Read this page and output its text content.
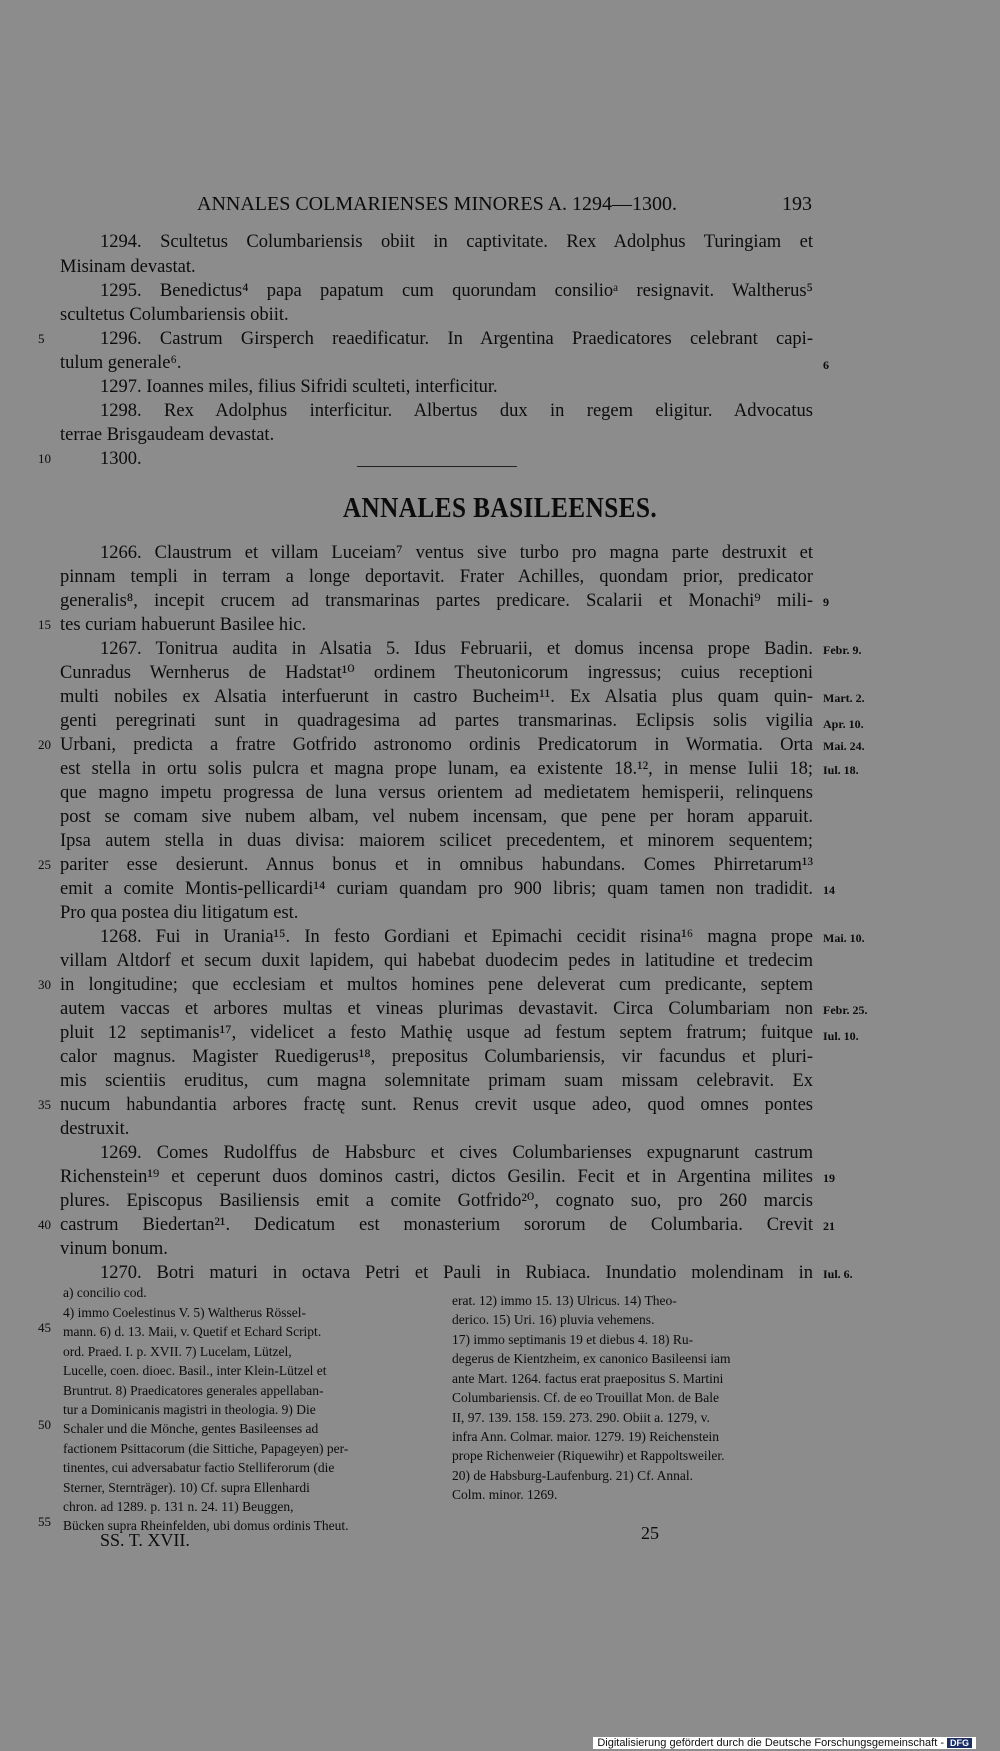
ANNALES COLMARIENSES MINORES A. 1294—1300.	193
1294. Scultetus Columbariensis obiit in captivitate. Rex Adolphus Turingiam et
Misinam devastat.
1295. Benedictus⁴ papa papatum cum quorundam consilioᵃ resignavit. Waltherus⁵
scultetus Columbariensis obiit.
1296. Castrum Girsperch reaedificatur. In Argentina Praedicatores celebrant capi-
tulum generale⁶.
1297. Ioannes miles, filius Sifridi sculteti, interficitur.
1298. Rex Adolphus interficitur. Albertus dux in regem eligitur. Advocatus
terrae Brisgaudeam devastat.
1300.
ANNALES BASILEENSES.
1266. Claustrum et villam Luceiam⁷ ventus sive turbo pro magna parte destruxit et
pinnam templi in terram a longe deportavit. Frater Achilles, quondam prior, predicator
generalis⁸, incepit crucem ad transmarinas partes predicare. Scalarii et Monachi⁹ mili-
tes curiam habuerunt Basilee hic.
1267. Tonitrua audita in Alsatia 5. Idus Februarii, et domus incensa prope Badin.
Cunradus Wernherus de Hadstat¹⁰ ordinem Theutonicorum ingressus; cuius receptioni
multi nobiles ex Alsatia interfuerunt in castro Bucheim¹¹. Ex Alsatia plus quam quin-
genti peregrinati sunt in quadragesima ad partes transmarinas. Eclipsis solis vigilia
Urbani, predicta a fratre Gotfrido astronomo ordinis Predicatorum in Wormatia. Orta
est stella in ortu solis pulcra et magna prope lunam, ea existente 18.¹², in mense Iulii 18;
que magno impetu progressa de luna versus orientem ad medietatem hemisperii, relinquens
post se comam sive nubem albam, vel nubem incensam, que pene per horam apparuit.
Ipsa autem stella in duas divisa: maiorem scilicet precedentem, et minorem sequentem;
pariter esse desierunt. Annus bonus et in omnibus habundans. Comes Phirretarum¹³
emit a comite Montis-pellicardi¹⁴ curiam quandam pro 900 libris; quam tamen non tradidit.
Pro qua postea diu litigatum est.
1268. Fui in Urania¹⁵. In festo Gordiani et Epimachi cecidit risina¹⁶ magna prope
villam Altdorf et secum duxit lapidem, qui habebat duodecim pedes in latitudine et tredecim
in longitudine; que ecclesiam et multos homines pene deleverat cum predicante, septem
autem vaccas et arbores multas et vineas plurimas devastavit. Circa Columbariam non
pluit 12 septimanis¹⁷, videlicet a festo Mathię usque ad festum septem fratrum; fuitque
calor magnus. Magister Ruedigerus¹⁸, prepositus Columbariensis, vir facundus et pluri-
mis scientiis eruditus, cum magna solemnitate primam suam missam celebravit. Ex
nucum habundantia arbores fractę sunt. Renus crevit usque adeo, quod omnes pontes
destruxit.
1269. Comes Rudolffus de Habsburc et cives Columbarienses expugnarunt castrum
Richenstein¹⁹ et ceperunt duos dominos castri, dictos Gesilin. Fecit et in Argentina milites
plures. Episcopus Basiliensis emit a comite Gotfrido²⁰, cognato suo, pro 260 marcis
castrum Biedertan²¹. Dedicatum est monasterium sororum de Columbaria. Crevit
vinum bonum.
1270. Botri maturi in octava Petri et Pauli in Rubiaca. Inundatio molendinam in
5
10
15
20
25
30
35
40
45
50
55
6
9
Febr. 9.
Mart. 2.
Apr. 10.
Mai. 24.
Iul. 18.
14
Mai. 10.
Febr. 25.
Iul. 10.
19
21
Iul. 6.
a) concilio cod.
4) immo Coelestinus V. 5) Waltherus Rössel-
mann. 6) d. 13. Maii, v. Quetif et Echard Script.
ord. Praed. I. p. XVII. 7) Lucelam, Lützel,
Lucelle, coen. dioec. Basil., inter Klein-Lützel et
Bruntrut. 8) Praedicatores generales appellaban-
tur a Dominicanis magistri in theologia. 9) Die
Schaler und die Mönche, gentes Basileenses ad
factionem Psittacorum (die Sittiche, Papageyen) per-
tinentes, cui adversabatur factio Stelliferorum (die
Sterner, Sternträger). 10) Cf. supra Ellenhardi
chron. ad 1289. p. 131 n. 24. 11) Beuggen,
Bücken supra Rheinfelden, ubi domus ordinis Theut.
erat. 12) immo 15. 13) Ulricus. 14) Theo-
derico. 15) Uri. 16) pluvia vehemens.
17) immo septimanis 19 et diebus 4. 18) Ru-
degerus de Kientzheim, ex canonico Basileensi iam
ante Mart. 1264. factus erat praepositus S. Martini
Columbariensis. Cf. de eo Trouillat Mon. de Bale
II, 97. 139. 158. 159. 273. 290. Obiit a. 1279, v.
infra Ann. Colmar. maior. 1279. 19) Reichenstein
prope Richenweier (Riquewihr) et Rappoltsweiler.
20) de Habsburg-Laufenburg. 21) Cf. Annal.
Colm. minor. 1269.
SS. T. XVII.	25
Digitalisierung gefördert durch die Deutsche Forschungsgemeinschaft - DFG
